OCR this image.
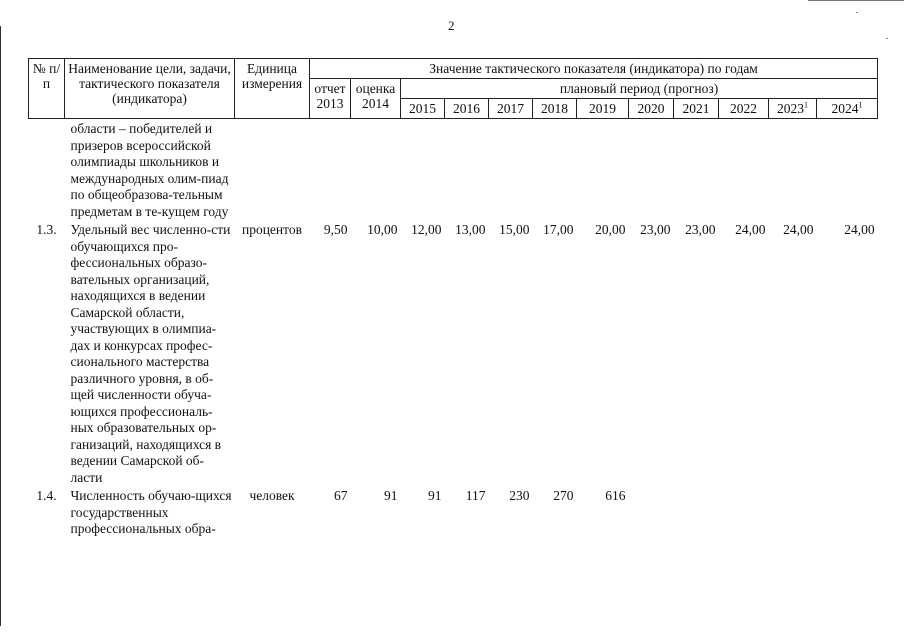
2
№ п/п	Наименование цели, задачи, тактического показателя (индикатора)	Единица измерения	Значение тактического показателя (индикатора) по годам											
			отчет 2013	оценка 2014	плановый период (прогноз)									
					2015	2016	2017	2018	2019	2020	2021	2022	2023$^1$	2024$^1$
	области – победителей и призеров всероссийской олимпиады школьников и международных олим-пиад по общеобразова-тельным предметам в те-кущем году													
1.3.	Удельный вес численно-сти обучающихся про-фессиональных образо-вательных организаций, находящихся в ведении Самарской области, участвующих в олимпиа-дах и конкурсах профес-сионального мастерства различного уровня, в об-щей численности обуча-ющихся профессиональ-ных образовательных ор-ганизаций, находящихся в ведении Самарской об-ласти	процентов	9,50	10,00	12,00	13,00	15,00	17,00	20,00	23,00	23,00	24,00	24,00	24,00
1.4.	Численность обучаю-щихся государственных профессиональных обра-	человек	67	91	91	117	230	270	616					
